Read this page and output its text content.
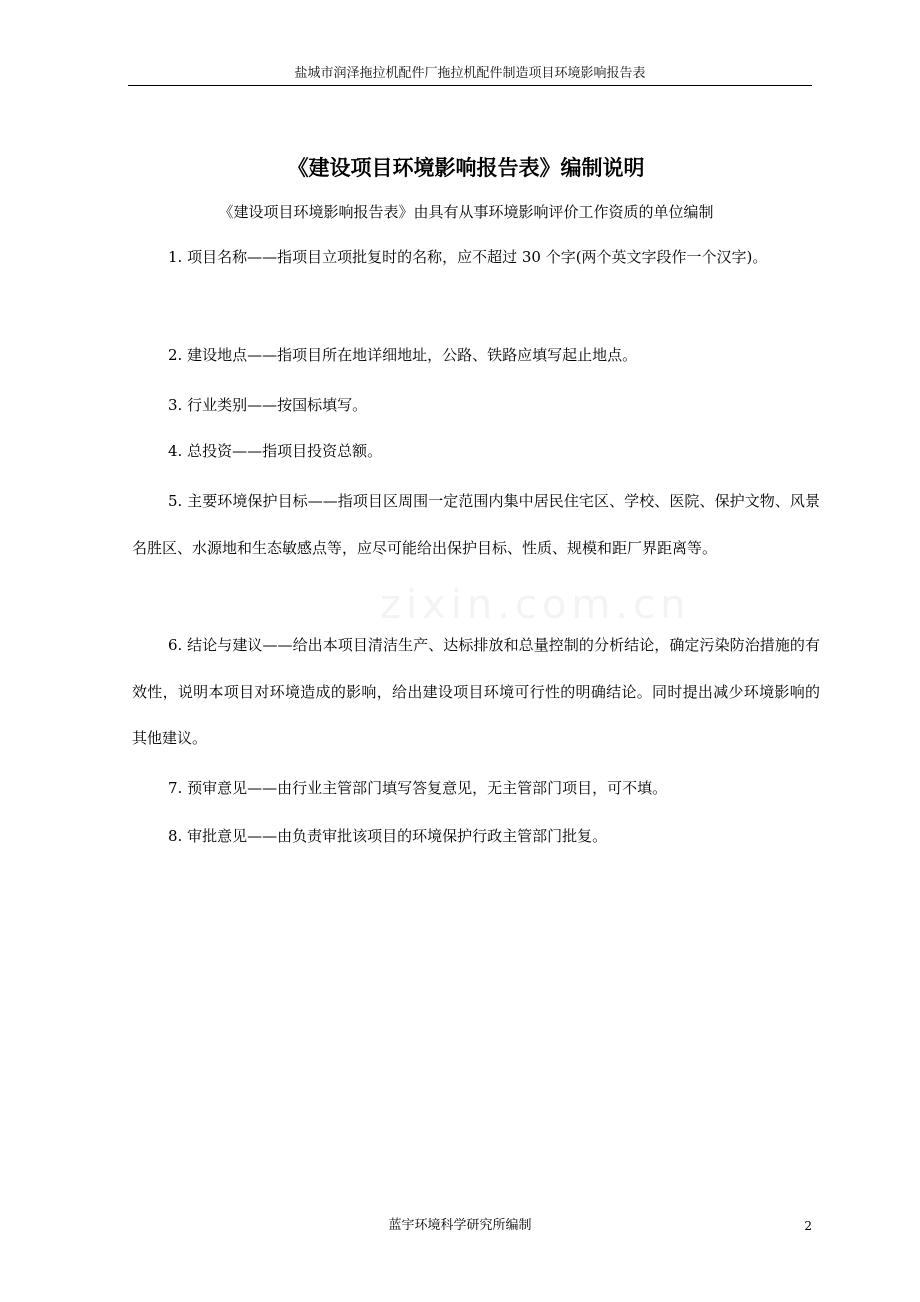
盐城市润泽拖拉机配件厂拖拉机配件制造项目环境影响报告表
《建设项目环境影响报告表》编制说明
《建设项目环境影响报告表》由具有从事环境影响评价工作资质的单位编制

1. 项目名称——指项目立项批复时的名称，应不超过 30 个字(两个英文字段作一个汉字)。

2. 建设地点——指项目所在地详细地址，公路、铁路应填写起止地点。

3. 行业类别——按国标填写。

4. 总投资——指项目投资总额。

5. 主要环境保护目标——指项目区周围一定范围内集中居民住宅区、学校、医院、保护文物、风景名胜区、水源地和生态敏感点等，应尽可能给出保护目标、性质、规模和距厂界距离等。

6. 结论与建议——给出本项目清洁生产、达标排放和总量控制的分析结论，确定污染防治措施的有效性，说明本项目对环境造成的影响，给出建设项目环境可行性的明确结论。同时提出减少环境影响的其他建议。

7. 预审意见——由行业主管部门填写答复意见，无主管部门项目，可不填。

8. 审批意见——由负责审批该项目的环境保护行政主管部门批复。

zixin.com.cn
蓝宇环境科学研究所编制	2
